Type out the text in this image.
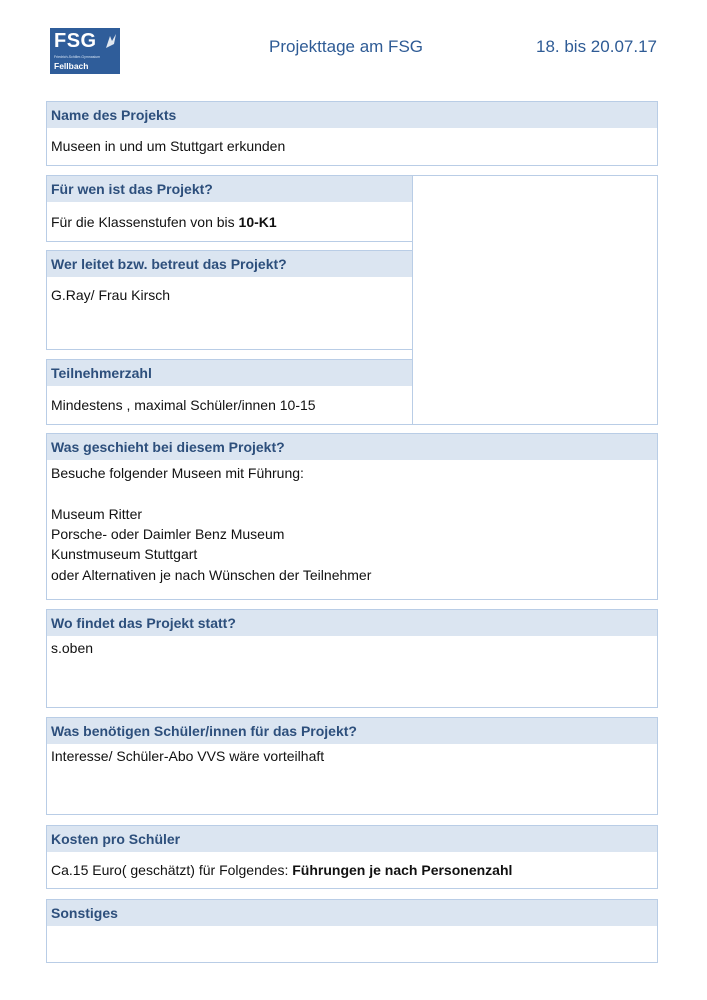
FSG
Friedrich-Schiller-Gymnasium
Fellbach
Projekttage am FSG	18. bis 20.07.17
Name des Projekts
Museen in und um Stuttgart erkunden
Für wen ist das Projekt?
Für die Klassenstufen von bis 10-K1
Wer leitet bzw. betreut das Projekt?
G.Ray/ Frau Kirsch
Teilnehmerzahl
Mindestens , maximal Schüler/innen 10-15
Was geschieht bei diesem Projekt?
Besuche folgender Museen mit Führung:
Museum Ritter
Porsche- oder Daimler Benz Museum
Kunstmuseum Stuttgart
oder Alternativen je nach Wünschen der Teilnehmer
Wo findet das Projekt statt?
s.oben
Was benötigen Schüler/innen für das Projekt?
Interesse/ Schüler-Abo VVS wäre vorteilhaft
Kosten pro Schüler
Ca.15 Euro( geschätzt) für Folgendes: Führungen je nach Personenzahl
Sonstiges
